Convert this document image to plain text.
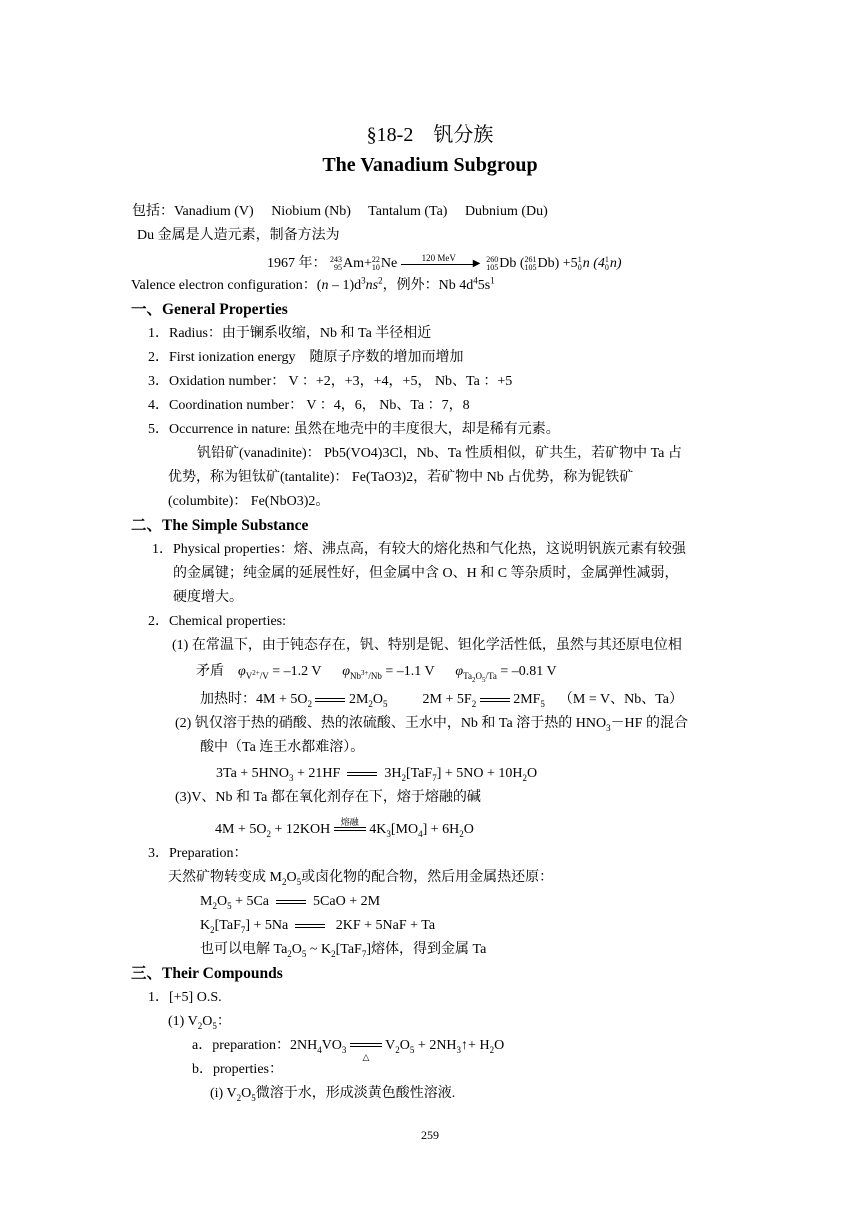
§18-2　钒分族
The Vanadium Subgroup
包括：Vanadium (V)　 Niobium (Nb)　 Tantalum (Ta)　 Dubnium (Du)
Du 金属是人造元素，制备方法为
1967 年： 243
95Am+22
10Ne	120 MeV	▶ 260
105Db (261
105Db) +51
0n (41
0n)
Valence electron configuration：$(n - 1)d^3ns^2$，例外：Nb $4d^45s^1$
一、General Properties
1．Radius：由于镧系收缩，Nb 和 Ta 半径相近
2．First ionization energy　随原子序数的增加而增加
3．Oxidation number： V ：+2，+3，+4，+5， Nb、Ta ：+5
4．Coordination number： V ：4，6， Nb、Ta ：7，8
5．Occurrence in nature: 虽然在地壳中的丰度很大，却是稀有元素。
钒铅矿(vanadinite)： Pb5(VO4)3Cl，Nb、Ta 性质相似，矿共生，若矿物中 Ta 占
优势，称为钽钛矿(tantalite)： Fe(TaO3)2，若矿物中 Nb 占优势，称为铌铁矿
(columbite)： Fe(NbO3)2。
二、The Simple Substance
1．Physical properties：熔、沸点高，有较大的熔化热和气化热，这说明钒族元素有较强
的金属键；纯金属的延展性好，但金属中含 O、H 和 C 等杂质时，金属弹性减弱，
硬度增大。
2．Chemical properties:
(1) 在常温下，由于钝态存在，钒、特别是铌、钽化学活性低，虽然与其还原电位相
矛盾 $\varphi_{V^{2+}/V} = -1.2$ V $\varphi_{Nb^{3+}/Nb} = -1.1$ V $\varphi_{Ta_2O_5/Ta} = -0.81$ V
加热时：$4M + 5O_2$	$2M_2O_5$	$2M + 5F_2$	$2MF_5$ （M = V、Nb、Ta）
(2) 钒仅溶于热的硝酸、热的浓硫酸、王水中，Nb 和 Ta 溶于热的 $HNO_3-HF$ 的混合
酸中（Ta 连王水都难溶）。
$3Ta + 5HNO_3 + 21HF$	$3H_2[TaF_7] + 5NO + 10H_2O$
(3)V、Nb 和 Ta 都在氧化剂存在下，熔于熔融的碱
$4M + 5O_2 + 12KOH$
熔融
$4K_3[MO_4] + 6H_2O$
3．Preparation：
天然矿物转变成 $M_2O_5$或卤化物的配合物，然后用金属热还原：
$M_2O_5 + 5Ca$	5CaO + 2M
$K_2[TaF_7] + 5Na$	2KF + 5NaF + Ta
也可以电解 $Ta_2O_5$ ~ $K_2[TaF_7]$熔体，得到金属 Ta
三、Their Compounds
1．[+5] O.S.
(1) $V_2O_5$：
a．preparation：$2NH_4VO_3$
△
$V_2O_5$ + $2NH_3↑+ H_2O$
b．properties：
(i) $V_2O_5$微溶于水，形成淡黄色酸性溶液.
259
